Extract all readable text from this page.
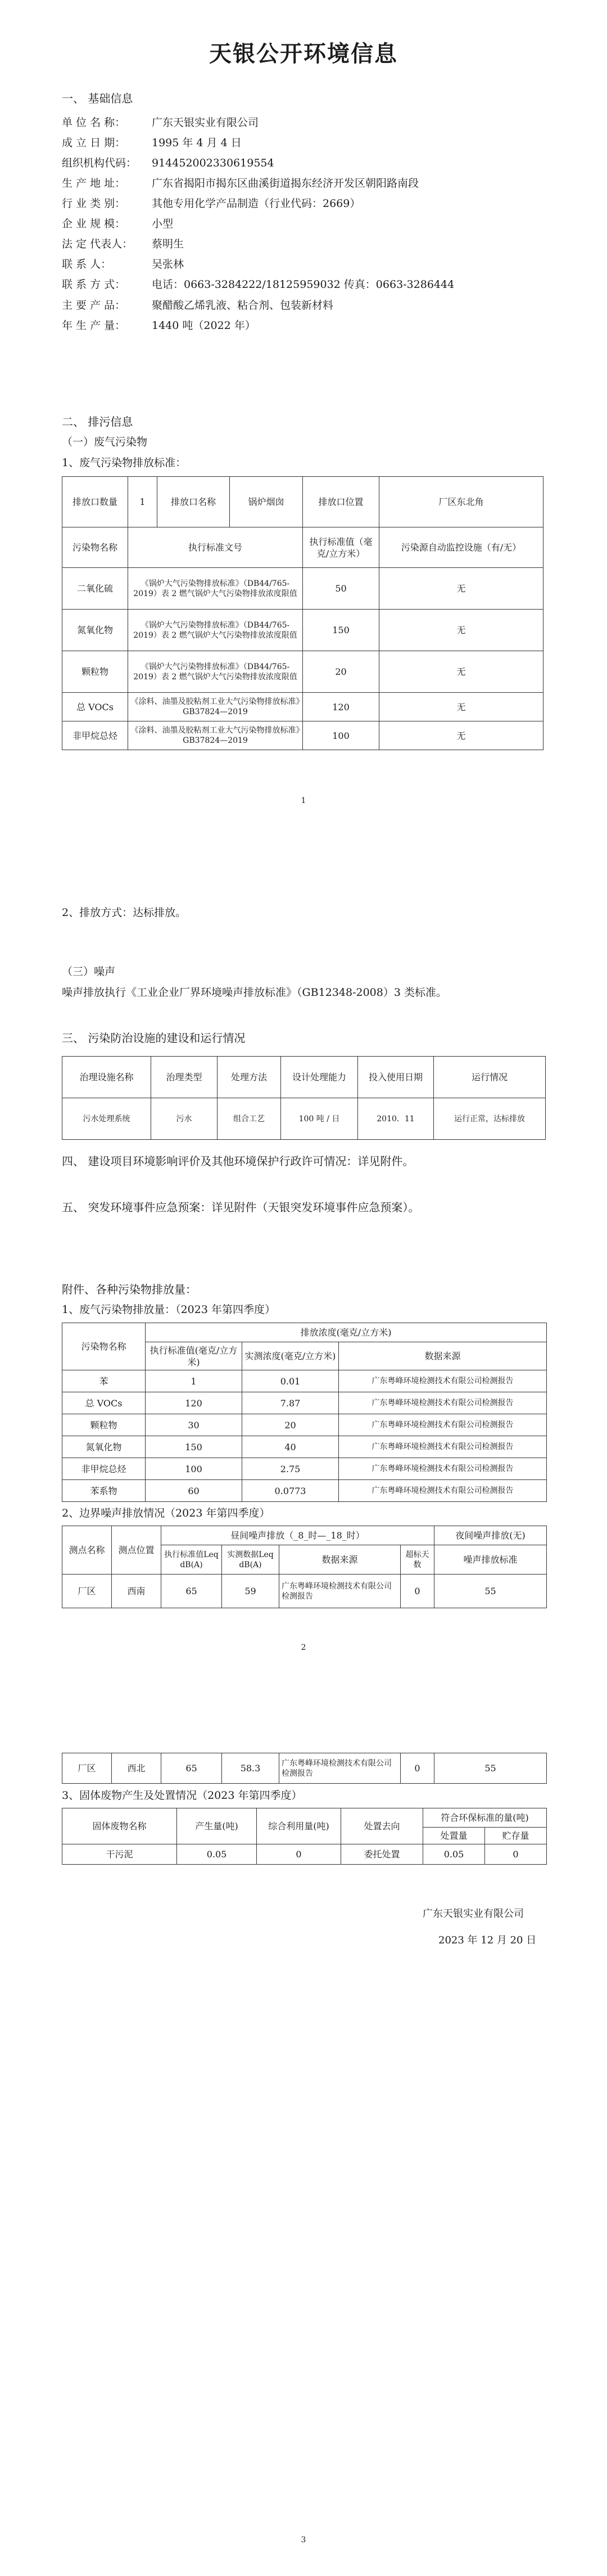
天银公开环境信息
一、 基础信息
单 位 名 称： 广东天银实业有限公司
成 立 日 期： 1995 年 4 月 4 日
组织机构代码： 914452002330619554
生 产 地 址： 广东省揭阳市揭东区曲溪街道揭东经济开发区朝阳路南段
行 业 类 别： 其他专用化学产品制造（行业代码：2669）
企 业 规 模： 小型
法 定 代表人： 蔡明生
联 系 人：	吴张林
联 系 方 式： 电话：0663-3284222/18125959032 传真：0663-3286444
主 要 产 品： 聚醋酸乙烯乳液、粘合剂、包装新材料
年 生 产 量： 1440 吨（2022 年）
二、 排污信息
（一）废气污染物
1、废气污染物排放标准：
排放口数量	1	排放口名称	锅炉烟囱	排放口位置	厂区东北角
污染物名称	执行标准文号			执行标准值（毫克/立方米）	污染源自动监控设施（有/无）
二氧化硫	《锅炉大气污染物排放标准》（DB44/765-2019）表 2 燃气锅炉大气污染物排放浓度限值			50	无
氮氧化物	《锅炉大气污染物排放标准》（DB44/765-2019）表 2 燃气锅炉大气污染物排放浓度限值			150	无
颗粒物	《锅炉大气污染物排放标准》（DB44/765-2019）表 2 燃气锅炉大气污染物排放浓度限值			20	无
总 VOCs	《涂料、油墨及胶粘剂工业大气污染物排放标准》GB37824—2019			120	无
非甲烷总烃	《涂料、油墨及胶粘剂工业大气污染物排放标准》GB37824—2019			100	无
1
2、排放方式：达标排放。
（三）噪声
噪声排放执行《工业企业厂界环境噪声排放标准》（GB12348-2008）3 类标准。
三、 污染防治设施的建设和运行情况
治理设施名称	治理类型	处理方法	设计处理能力	投入使用日期	运行情况
污水处理系统	污水	组合工艺	100 吨 / 日	2010．11	运行正常，达标排放
四、 建设项目环境影响评价及其他环境保护行政许可情况：详见附件。
五、 突发环境事件应急预案：详见附件（天银突发环境事件应急预案）。
附件、各种污染物排放量：
1、废气污染物排放量：（2023 年第四季度）
污染物名称	排放浓度(毫克/立方米)		
	执行标准值(毫克/立方米)	实测浓度(毫克/立方米)	数据来源
苯	1	0.01	广东粤峰环境检测技术有限公司检测报告
总 VOCs	120	7.87	广东粤峰环境检测技术有限公司检测报告
颗粒物	30	20	广东粤峰环境检测技术有限公司检测报告
氮氧化物	150	40	广东粤峰环境检测技术有限公司检测报告
非甲烷总烃	100	2.75	广东粤峰环境检测技术有限公司检测报告
苯系物	60	0.0773	广东粤峰环境检测技术有限公司检测报告
2、边界噪声排放情况（2023 年第四季度）
测点名称	测点位置	昼间噪声排放（_8_时—_18_时）				夜间噪声排放(无)
		执行标准值Leq dB(A)	实测数据Leq dB(A)	数据来源	超标天数	噪声排放标准
厂区	西南	65	59	广东粤峰环境检测技术有限公司检测报告	0	55
2
厂区	西北	65	58.3	广东粤峰环境检测技术有限公司检测报告	0	55
3、固体废物产生及处置情况（2023 年第四季度）
固体废物名称	产生量(吨)	综合利用量(吨)	处置去向	符合环保标准的量(吨)	
				处置量	贮存量
干污泥	0.05	0	委托处置	0.05	0
广东天银实业有限公司
2023 年 12 月 20 日
3
